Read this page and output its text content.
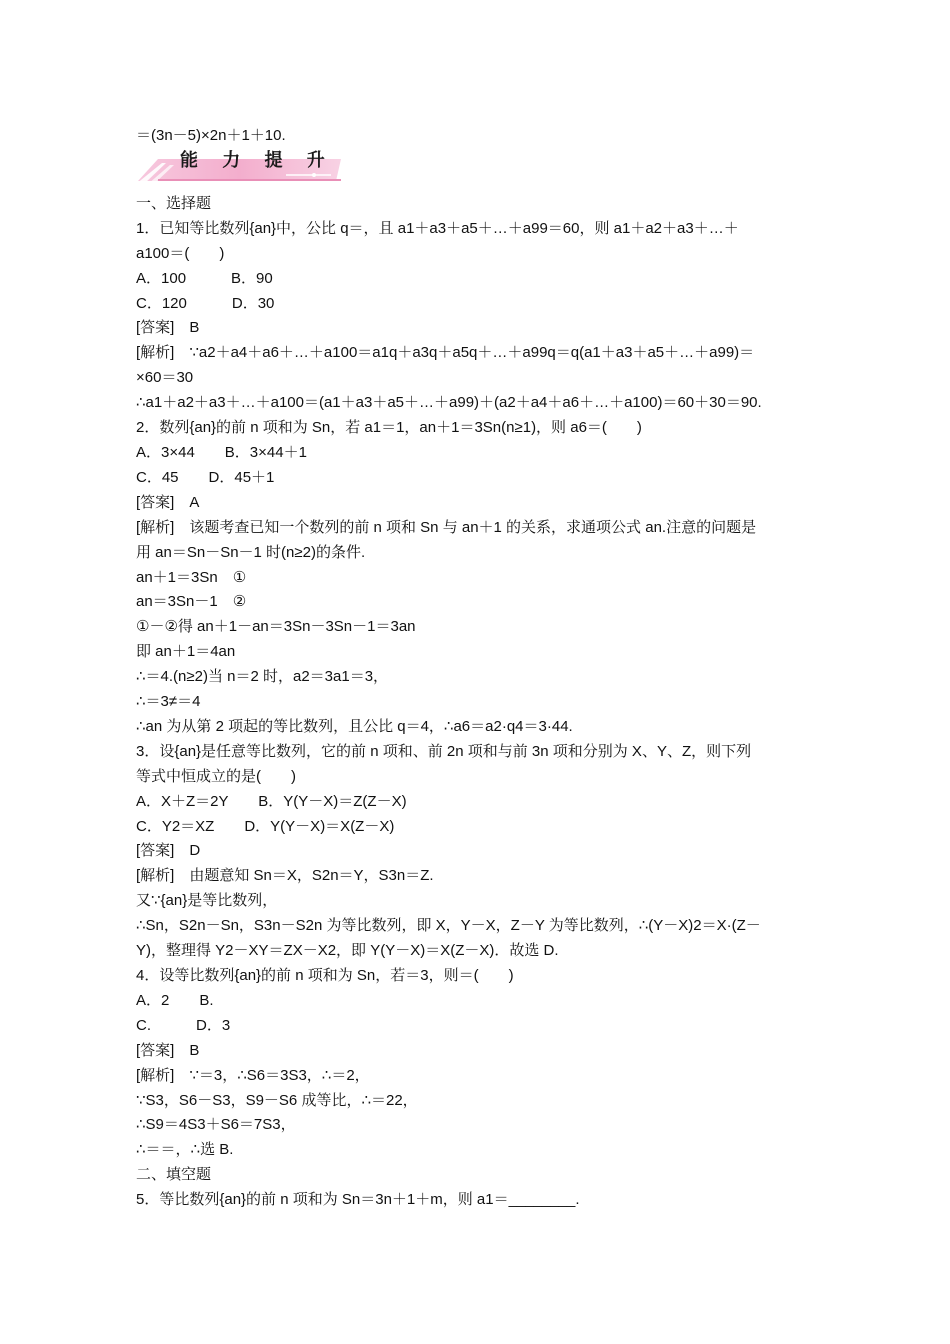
＝(3n－5)×2n＋1＋10.
能 力 提 升
一、选择题
1．已知等比数列{an}中，公比 q＝，且 a1＋a3＋a5＋…＋a99＝60，则 a1＋a2＋a3＋…＋
a100＝(　　)
A．100　　　B．90
C．120　　　D．30
[答案]　B
[解析]　∵a2＋a4＋a6＋…＋a100＝a1q＋a3q＋a5q＋…＋a99q＝q(a1＋a3＋a5＋…＋a99)＝
×60＝30
∴a1＋a2＋a3＋…＋a100＝(a1＋a3＋a5＋…＋a99)＋(a2＋a4＋a6＋…＋a100)＝60＋30＝90.
2．数列{an}的前 n 项和为 Sn，若 a1＝1，an＋1＝3Sn(n≥1)，则 a6＝(　　)
A．3×44　　B．3×44＋1
C．45　　D．45＋1
[答案]　A
[解析]　该题考查已知一个数列的前 n 项和 Sn 与 an＋1 的关系，求通项公式 an.注意的问题是
用 an＝Sn－Sn－1 时(n≥2)的条件.
an＋1＝3Sn　①
an＝3Sn－1　②
①－②得 an＋1－an＝3Sn－3Sn－1＝3an
即 an＋1＝4an
∴＝4.(n≥2)当 n＝2 时，a2＝3a1＝3，
∴＝3≠＝4
∴an 为从第 2 项起的等比数列，且公比 q＝4，∴a6＝a2·q4＝3·44.
3．设{an}是任意等比数列，它的前 n 项和、前 2n 项和与前 3n 项和分别为 X、Y、Z，则下列
等式中恒成立的是(　　)
A．X＋Z＝2Y　　B．Y(Y－X)＝Z(Z－X)
C．Y2＝XZ　　D．Y(Y－X)＝X(Z－X)
[答案]　D
[解析]　由题意知 Sn＝X，S2n＝Y，S3n＝Z.
又∵{an}是等比数列，
∴Sn，S2n－Sn，S3n－S2n 为等比数列，即 X，Y－X，Z－Y 为等比数列，∴(Y－X)2＝X·(Z－
Y)，整理得 Y2－XY＝ZX－X2，即 Y(Y－X)＝X(Z－X)．故选 D.
4．设等比数列{an}的前 n 项和为 Sn，若＝3，则＝(　　)
A．2　　B.
C.　　　D．3
[答案]　B
[解析]　∵＝3，∴S6＝3S3，∴＝2，
∵S3，S6－S3，S9－S6 成等比，∴＝22，
∴S9＝4S3＋S6＝7S3，
∴＝＝，∴选 B.
二、填空题
5．等比数列{an}的前 n 项和为 Sn＝3n＋1＋m，则 a1＝________.
